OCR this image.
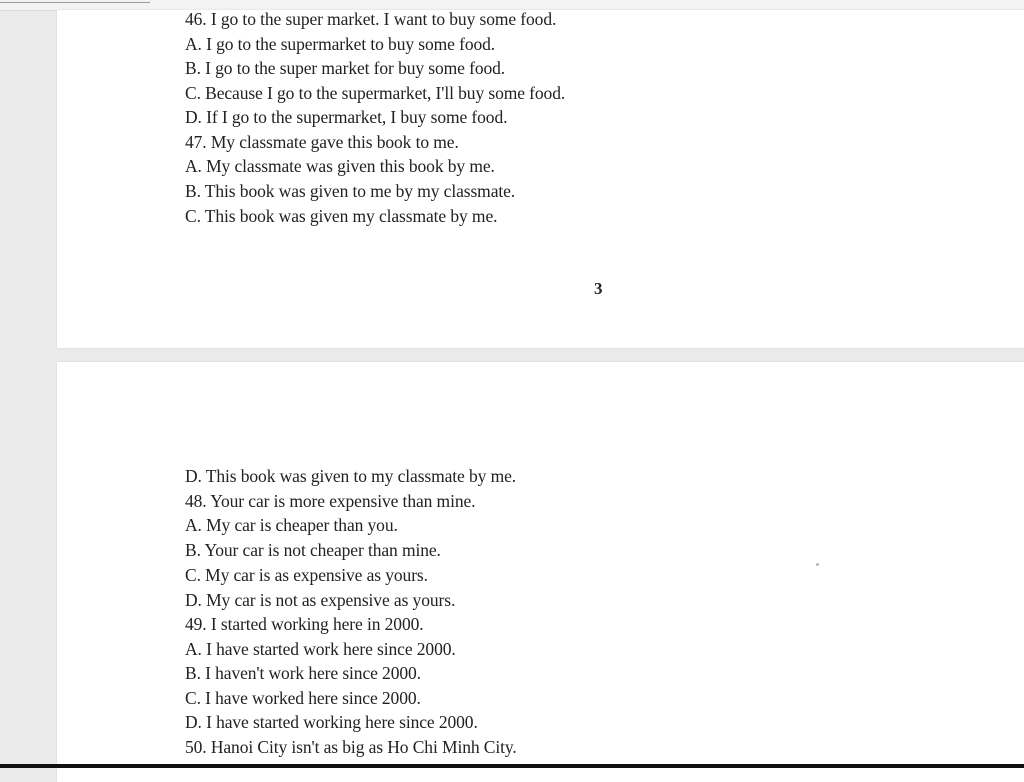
46. I go to the super market. I want to buy some food.
A. I go to the supermarket to buy some food.
B. I go to the super market for buy some food.
C. Because I go to the supermarket, I'll buy some food.
D. If I go to the supermarket, I buy some food.
47. My classmate gave this book to me.
A. My classmate was given this book by me.
B. This book was given to me by my classmate.
C. This book was given my classmate by me.
3
D. This book was given to my classmate by me.
48. Your car is more expensive than mine.
A. My car is cheaper than you.
B. Your car is not cheaper than mine.
C. My car is as expensive as yours.
D. My car is not as expensive as yours.
49. I started working here in 2000.
A. I have started work here since 2000.
B. I haven't work here since 2000.
C. I have worked here since 2000.
D. I have started working here since 2000.
50. Hanoi City isn't as big as Ho Chi Minh City.
